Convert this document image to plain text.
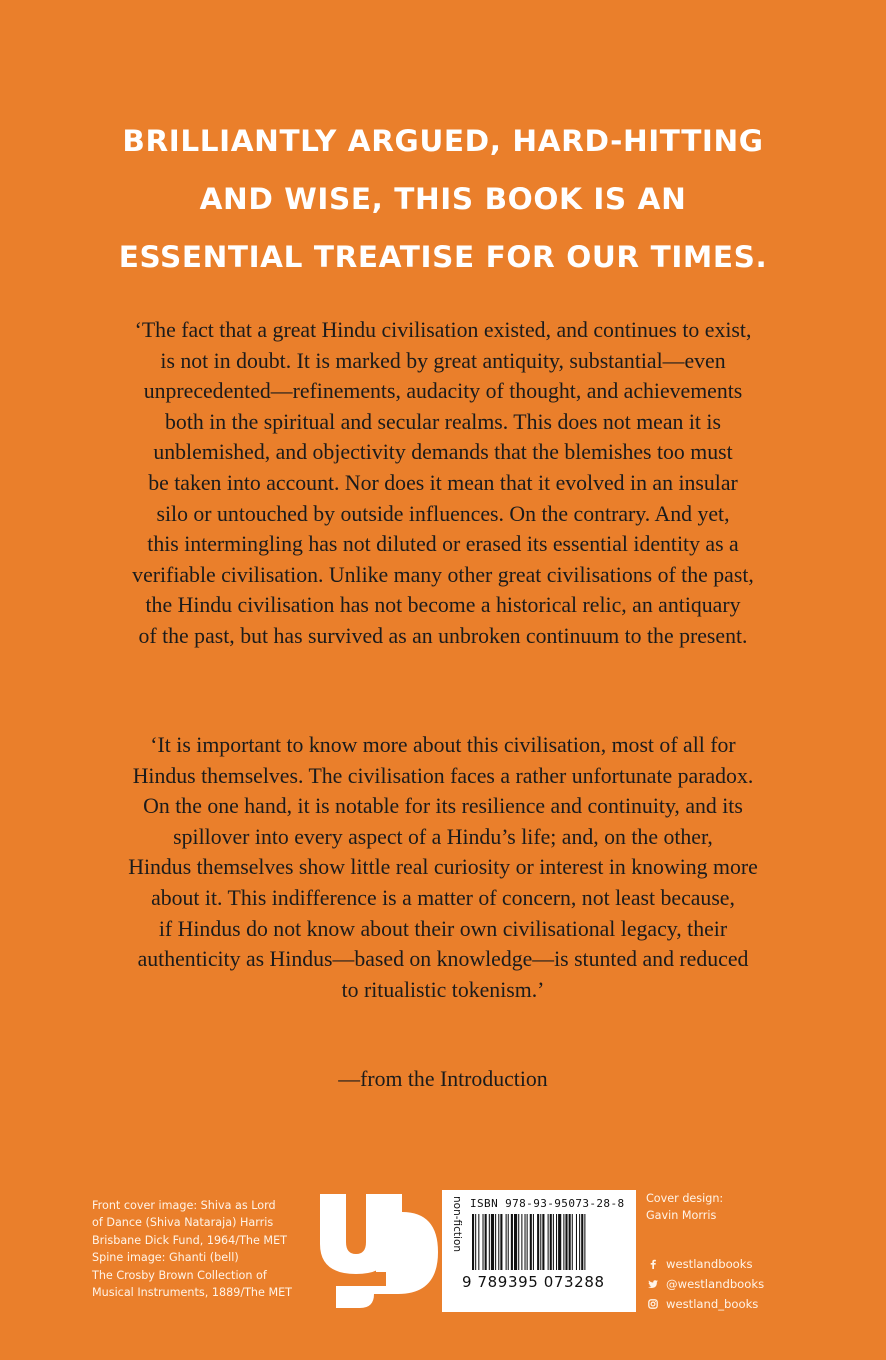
BRILLIANTLY ARGUED, HARD-HITTING
AND WISE, THIS BOOK IS AN
ESSENTIAL TREATISE FOR OUR TIMES.
‘The fact that a great Hindu civilisation existed, and continues to exist,
is not in doubt. It is marked by great antiquity, substantial—even
unprecedented—refinements, audacity of thought, and achievements
both in the spiritual and secular realms. This does not mean it is
unblemished, and objectivity demands that the blemishes too must
be taken into account. Nor does it mean that it evolved in an insular
silo or untouched by outside influences. On the contrary. And yet,
this intermingling has not diluted or erased its essential identity as a
verifiable civilisation. Unlike many other great civilisations of the past,
the Hindu civilisation has not become a historical relic, an antiquary
of the past, but has survived as an unbroken continuum to the present.
‘It is important to know more about this civilisation, most of all for
Hindus themselves. The civilisation faces a rather unfortunate paradox.
On the one hand, it is notable for its resilience and continuity, and its
spillover into every aspect of a Hindu’s life; and, on the other,
Hindus themselves show little real curiosity or interest in knowing more
about it. This indifference is a matter of concern, not least because,
if Hindus do not know about their own civilisational legacy, their
authenticity as Hindus—based on knowledge—is stunted and reduced
to ritualistic tokenism.’
—from the Introduction
Front cover image: Shiva as Lord
of Dance (Shiva Nataraja) Harris
Brisbane Dick Fund, 1964/The MET
Spine image: Ghanti (bell)
The Crosby Brown Collection of
Musical Instruments, 1889/The MET
non-fiction ISBN 978-93-95073-28-8
9 789395 073288
Cover design:
Gavin Morris
westlandbooks
@westlandbooks
westland_books
